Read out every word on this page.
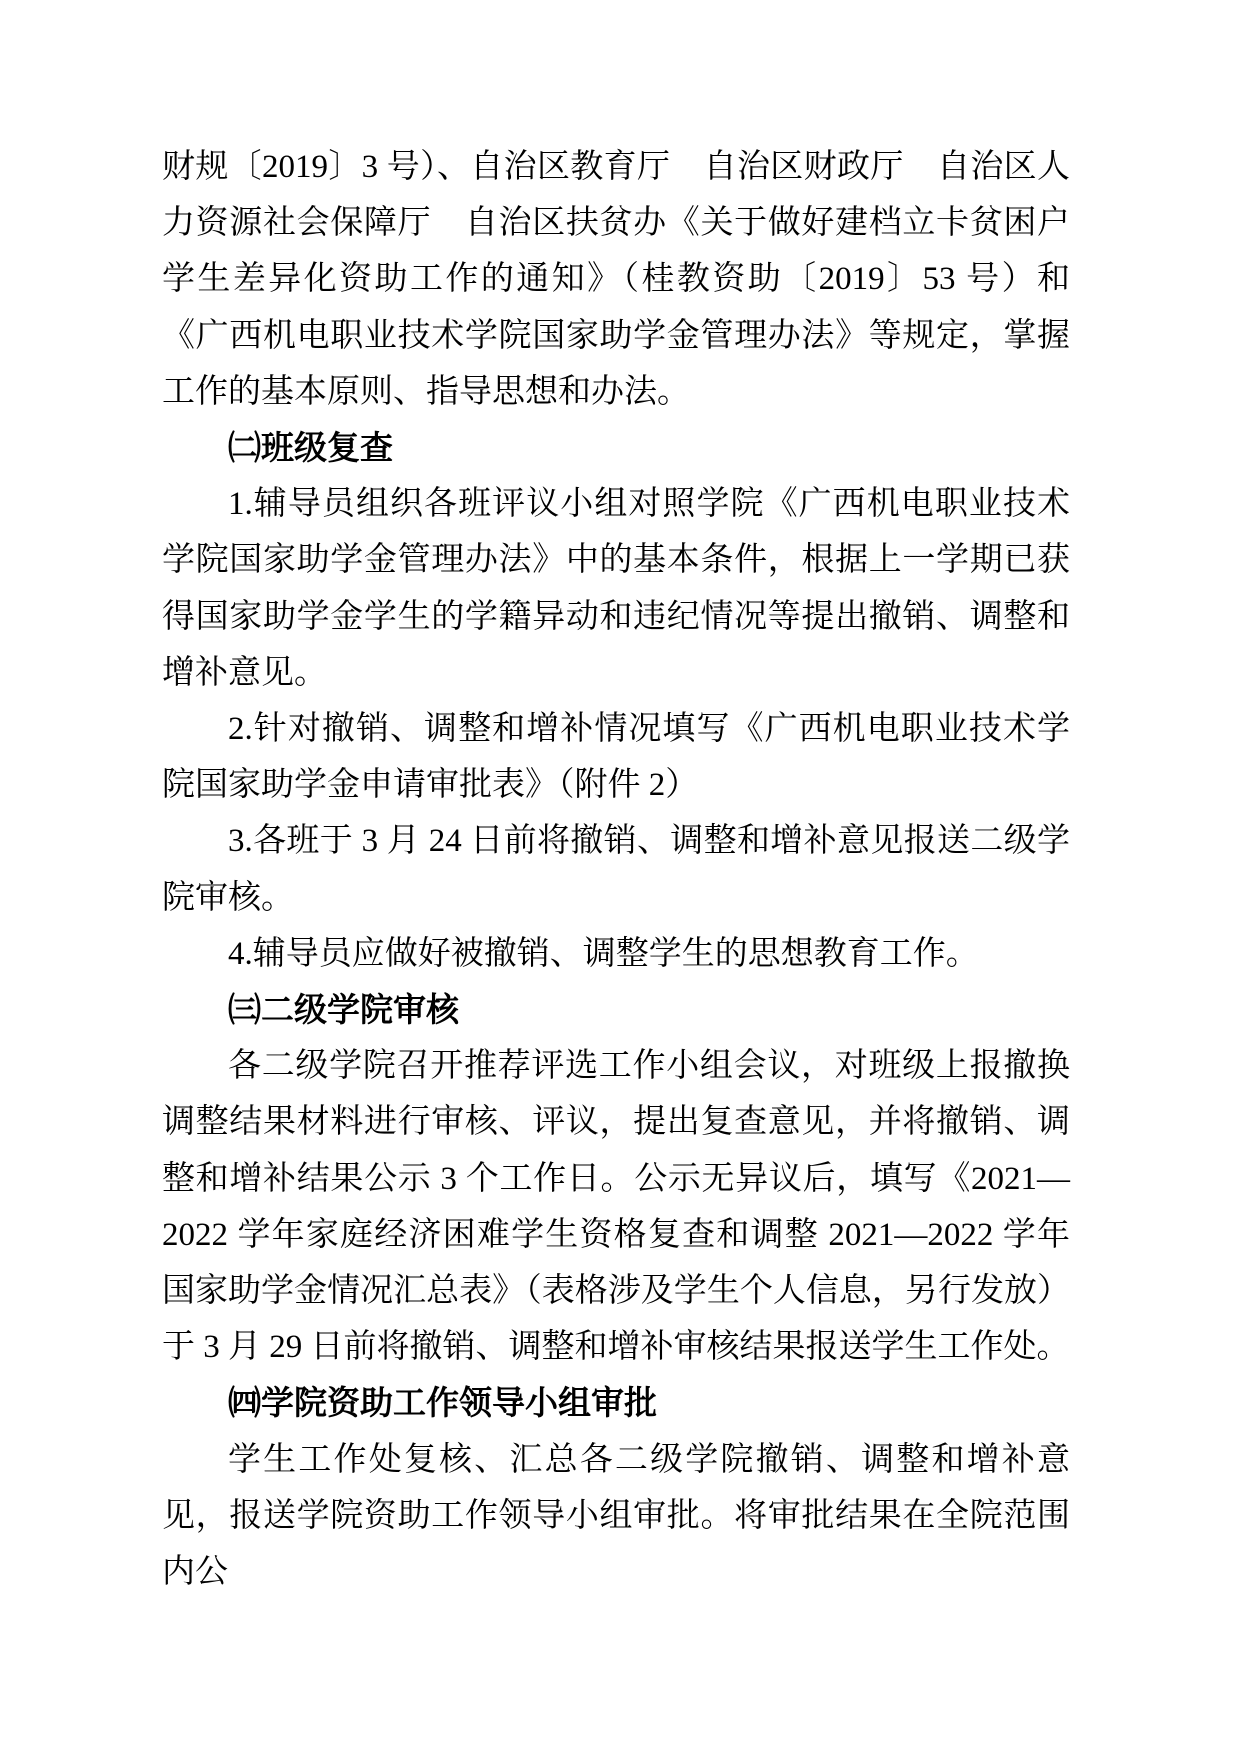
财规〔2019〕3 号）、自治区教育厅　自治区财政厅　自治区人力资源社会保障厅　自治区扶贫办《关于做好建档立卡贫困户学生差异化资助工作的通知》（桂教资助〔2019〕53 号）和《广西机电职业技术学院国家助学金管理办法》等规定，掌握工作的基本原则、指导思想和办法。

㈡班级复查

1.辅导员组织各班评议小组对照学院《广西机电职业技术学院国家助学金管理办法》中的基本条件，根据上一学期已获得国家助学金学生的学籍异动和违纪情况等提出撤销、调整和增补意见。

2.针对撤销、调整和增补情况填写《广西机电职业技术学院国家助学金申请审批表》（附件 2）

3.各班于 3 月 24 日前将撤销、调整和增补意见报送二级学院审核。

4.辅导员应做好被撤销、调整学生的思想教育工作。

㈢二级学院审核

各二级学院召开推荐评选工作小组会议，对班级上报撤换调整结果材料进行审核、评议，提出复查意见，并将撤销、调整和增补结果公示 3 个工作日。公示无异议后，填写《2021—2022 学年家庭经济困难学生资格复查和调整 2021—2022 学年国家助学金情况汇总表》（表格涉及学生个人信息，另行发放）于 3 月 29 日前将撤销、调整和增补审核结果报送学生工作处。

㈣学院资助工作领导小组审批

学生工作处复核、汇总各二级学院撤销、调整和增补意见，报送学院资助工作领导小组审批。将审批结果在全院范围内公
